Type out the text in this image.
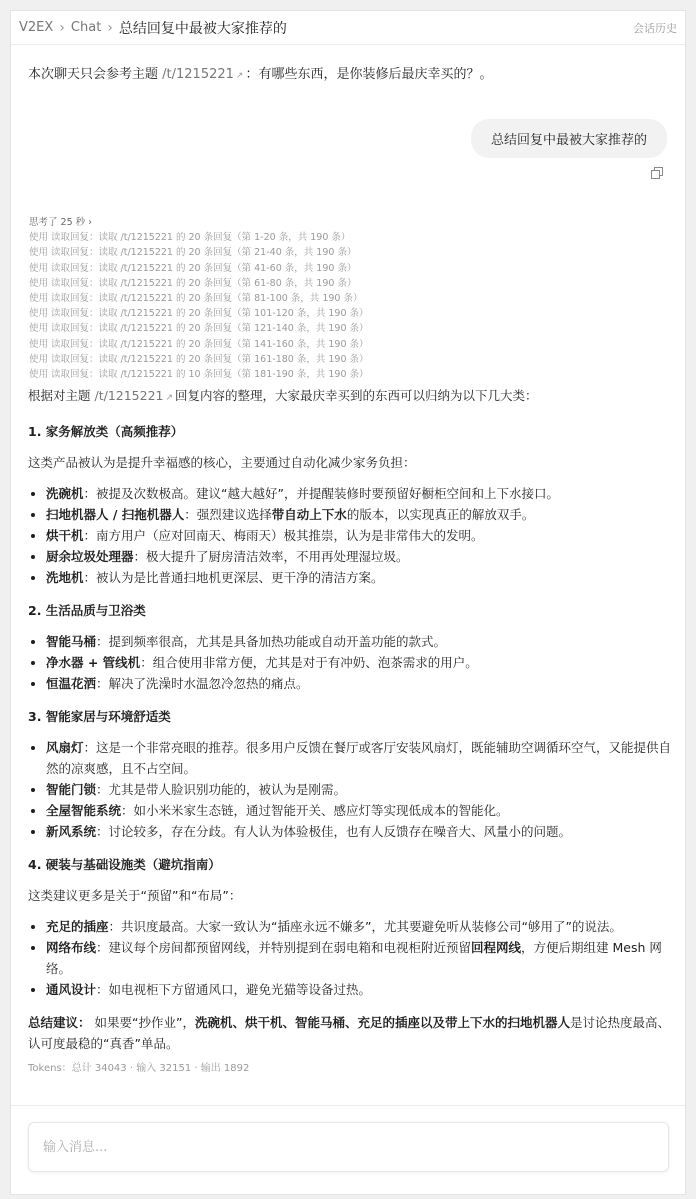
V2EX › Chat › 总结回复中最被大家推荐的	会话历史
本次聊天只会参考主题 /t/1215221 ↗ ：有哪些东西，是你装修后最庆幸买的？。
总结回复中最被大家推荐的
思考了 25 秒 ›
使用 读取回复：读取 /t/1215221 的 20 条回复（第 1-20 条，共 190 条）
使用 读取回复：读取 /t/1215221 的 20 条回复（第 21-40 条，共 190 条）
使用 读取回复：读取 /t/1215221 的 20 条回复（第 41-60 条，共 190 条）
使用 读取回复：读取 /t/1215221 的 20 条回复（第 61-80 条，共 190 条）
使用 读取回复：读取 /t/1215221 的 20 条回复（第 81-100 条，共 190 条）
使用 读取回复：读取 /t/1215221 的 20 条回复（第 101-120 条，共 190 条）
使用 读取回复：读取 /t/1215221 的 20 条回复（第 121-140 条，共 190 条）
使用 读取回复：读取 /t/1215221 的 20 条回复（第 141-160 条，共 190 条）
使用 读取回复：读取 /t/1215221 的 20 条回复（第 161-180 条，共 190 条）
使用 读取回复：读取 /t/1215221 的 10 条回复（第 181-190 条，共 190 条）

根据对主题 /t/1215221 ↗ 回复内容的整理，大家最庆幸买到的东西可以归纳为以下几大类：

1. 家务解放类（高频推荐）

这类产品被认为是提升幸福感的核心，主要通过自动化减少家务负担：

• 洗碗机：被提及次数极高。建议“越大越好”，并提醒装修时要预留好橱柜空间和上下水接口。
• 扫地机器人 / 扫拖机器人：强烈建议选择带自动上下水的版本，以实现真正的解放双手。
• 烘干机：南方用户（应对回南天、梅雨天）极其推崇，认为是非常伟大的发明。
• 厨余垃圾处理器：极大提升了厨房清洁效率，不用再处理湿垃圾。
• 洗地机：被认为是比普通扫地机更深层、更干净的清洁方案。
2. 生活品质与卫浴类
• 智能马桶：提到频率很高，尤其是具备加热功能或自动开盖功能的款式。
• 净水器 + 管线机：组合使用非常方便，尤其是对于有冲奶、泡茶需求的用户。
• 恒温花洒：解决了洗澡时水温忽冷忽热的痛点。
3. 智能家居与环境舒适类
• 风扇灯：这是一个非常亮眼的推荐。很多用户反馈在餐厅或客厅安装风扇灯，既能辅助空调循环空气，又能提供自然的凉爽感，且不占空间。
• 智能门锁：尤其是带人脸识别功能的，被认为是刚需。
• 全屋智能系统：如小米米家生态链，通过智能开关、感应灯等实现低成本的智能化。
• 新风系统：讨论较多，存在分歧。有人认为体验极佳，也有人反馈存在噪音大、风量小的问题。
4. 硬装与基础设施类（避坑指南）

这类建议更多是关于“预留”和“布局”：

• 充足的插座：共识度最高。大家一致认为“插座永远不嫌多”，尤其要避免听从装修公司“够用了”的说法。
• 网络布线：建议每个房间都预留网线，并特别提到在弱电箱和电视柜附近预留回程网线，方便后期组建 Mesh 网络。
• 通风设计：如电视柜下方留通风口，避免光猫等设备过热。

总结建议： 如果要“抄作业”，洗碗机、烘干机、智能马桶、充足的插座以及带上下水的扫地机器人是讨论热度最高、认可度最稳的“真香”单品。

Tokens：总计 34043 · 输入 32151 · 输出 1892
输入消息...
